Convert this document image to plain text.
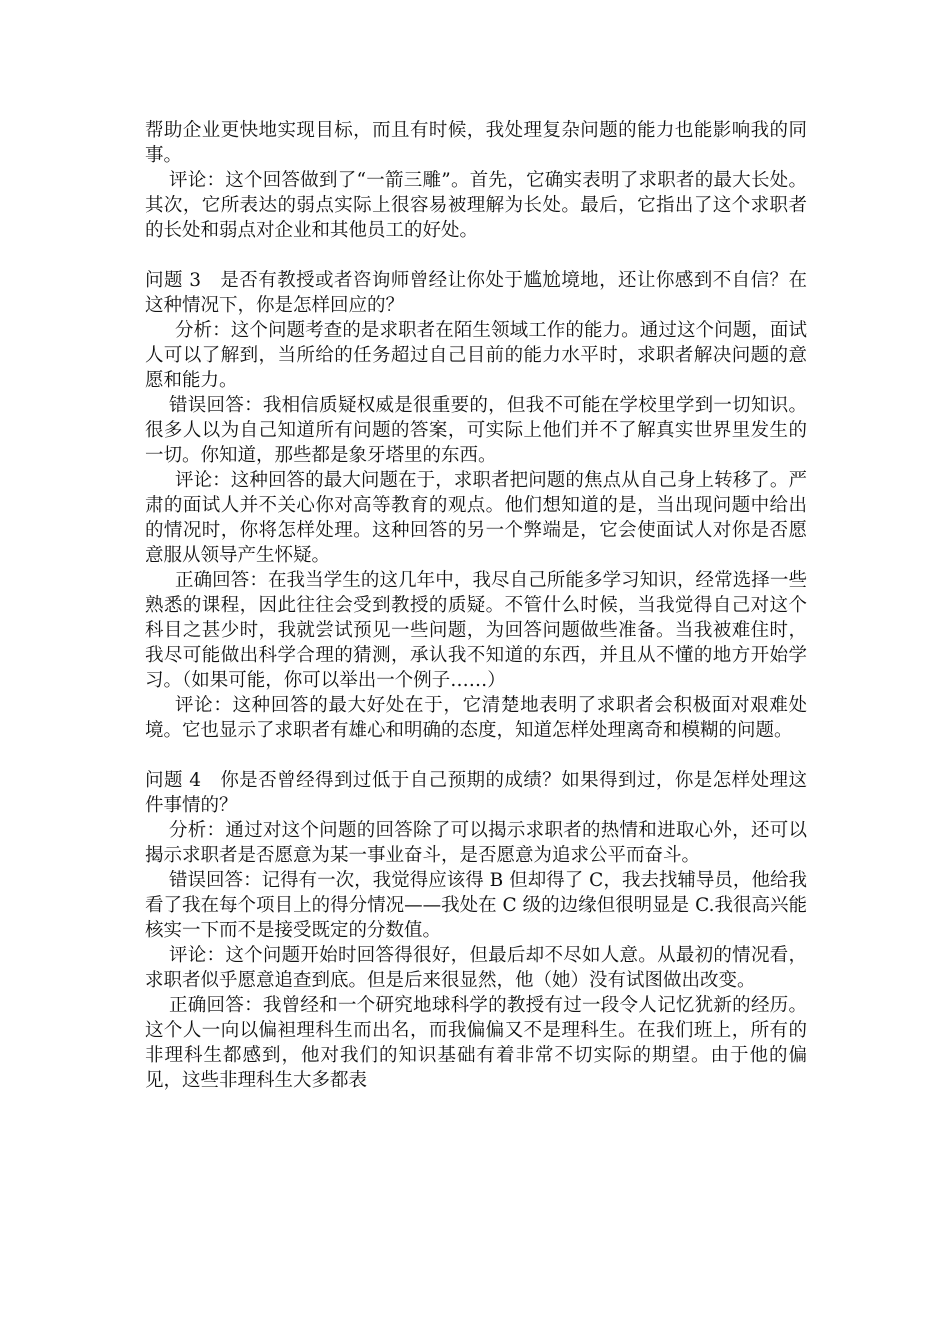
帮助企业更快地实现目标，而且有时候，我处理复杂问题的能力也能影响我的同事。
评论：这个回答做到了“一箭三雕”。首先，它确实表明了求职者的最大长处。其次，它所表达的弱点实际上很容易被理解为长处。最后，它指出了这个求职者的长处和弱点对企业和其他员工的好处。
问题 3　是否有教授或者咨询师曾经让你处于尴尬境地，还让你感到不自信？在这种情况下，你是怎样回应的？
分析：这个问题考查的是求职者在陌生领域工作的能力。通过这个问题，面试人可以了解到，当所给的任务超过自己目前的能力水平时，求职者解决问题的意愿和能力。
错误回答：我相信质疑权威是很重要的，但我不可能在学校里学到一切知识。很多人以为自己知道所有问题的答案，可实际上他们并不了解真实世界里发生的一切。你知道，那些都是象牙塔里的东西。
评论：这种回答的最大问题在于，求职者把问题的焦点从自己身上转移了。严肃的面试人并不关心你对高等教育的观点。他们想知道的是，当出现问题中给出的情况时，你将怎样处理。这种回答的另一个弊端是，它会使面试人对你是否愿意服从领导产生怀疑。
正确回答：在我当学生的这几年中，我尽自己所能多学习知识，经常选择一些熟悉的课程，因此往往会受到教授的质疑。不管什么时候，当我觉得自己对这个科目之甚少时，我就尝试预见一些问题，为回答问题做些准备。当我被难住时，我尽可能做出科学合理的猜测，承认我不知道的东西，并且从不懂的地方开始学习。（如果可能，你可以举出一个例子……）
评论：这种回答的最大好处在于，它清楚地表明了求职者会积极面对艰难处境。它也显示了求职者有雄心和明确的态度，知道怎样处理离奇和模糊的问题。
问题 4　你是否曾经得到过低于自己预期的成绩？如果得到过，你是怎样处理这件事情的？
分析：通过对这个问题的回答除了可以揭示求职者的热情和进取心外，还可以揭示求职者是否愿意为某一事业奋斗，是否愿意为追求公平而奋斗。
错误回答：记得有一次，我觉得应该得 B 但却得了 C，我去找辅导员，他给我看了我在每个项目上的得分情况——我处在 C 级的边缘但很明显是 C.我很高兴能核实一下而不是接受既定的分数值。
评论：这个问题开始时回答得很好，但最后却不尽如人意。从最初的情况看，求职者似乎愿意追查到底。但是后来很显然，他（她）没有试图做出改变。
正确回答：我曾经和一个研究地球科学的教授有过一段令人记忆犹新的经历。这个人一向以偏袒理科生而出名，而我偏偏又不是理科生。在我们班上，所有的非理科生都感到，他对我们的知识基础有着非常不切实际的期望。由于他的偏见，这些非理科生大多都表
